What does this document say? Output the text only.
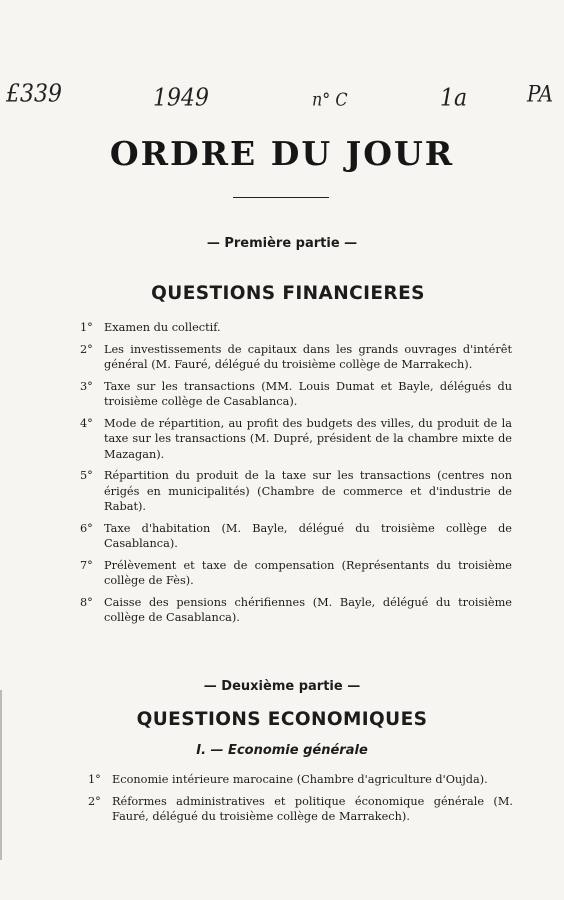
£339	1949	n° C	1a	PA
ORDRE DU JOUR
— Première partie —
QUESTIONS FINANCIERES
1° Examen du collectif.
2° Les investissements de capitaux dans les grands ouvrages d'intérêt général (M. Fauré, délégué du troisième collège de Marrakech).
3° Taxe sur les transactions (MM. Louis Dumat et Bayle, délégués du troisième collège de Casablanca).
4° Mode de répartition, au profit des budgets des villes, du produit de la taxe sur les transactions (M. Dupré, président de la chambre mixte de Mazagan).
5° Répartition du produit de la taxe sur les transactions (centres non érigés en municipalités) (Chambre de commerce et d'industrie de Rabat).
6° Taxe d'habitation (M. Bayle, délégué du troisième collège de Casablanca).
7° Prélèvement et taxe de compensation (Représentants du troisième collège de Fès).
8° Caisse des pensions chérifiennes (M. Bayle, délégué du troisième collège de Casablanca).
— Deuxième partie —
QUESTIONS ECONOMIQUES
I. — Economie générale
1° Economie intérieure marocaine (Chambre d'agriculture d'Oujda).
2° Réformes administratives et politique économique générale (M. Fauré, délégué du troisième collège de Marrakech).
